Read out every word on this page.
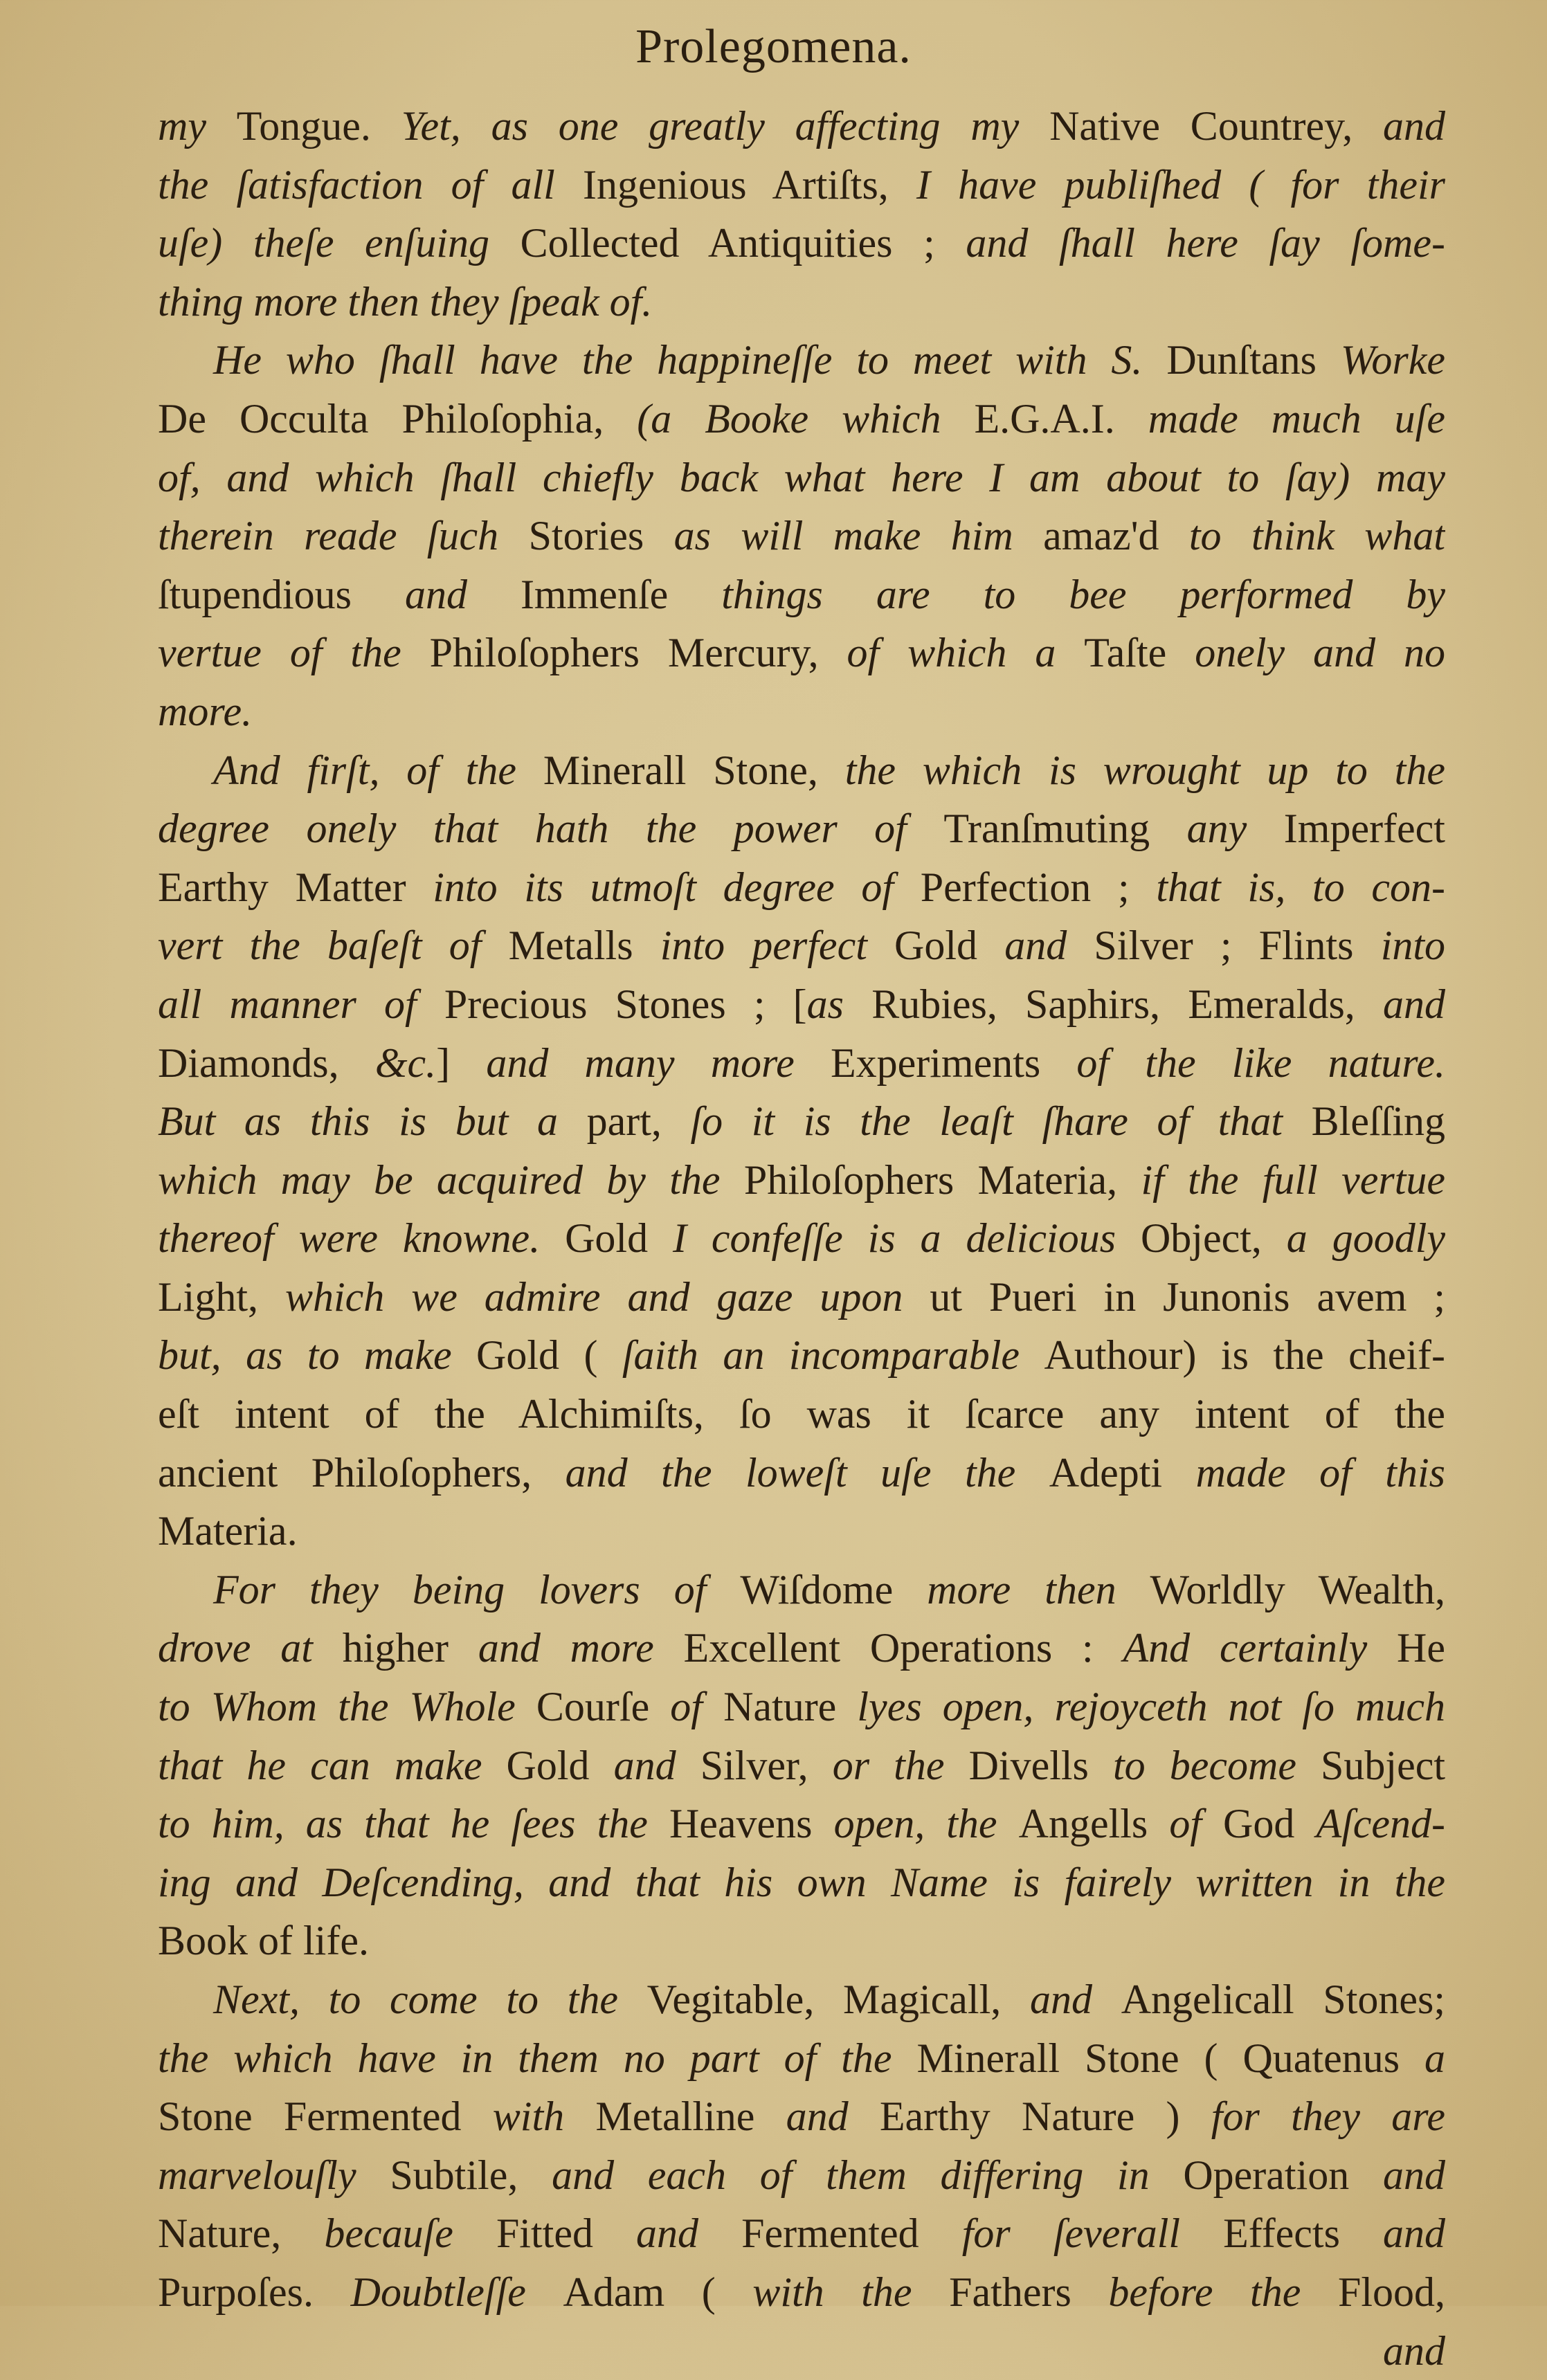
Prolegomena.
my Tongue. Yet, as one greatly affecting my Native Countrey, and
the ſatisfaction of all Ingenious Artiſts, I have publiſhed ( for their
uſe) theſe enſuing Collected Antiquities ; and ſhall here ſay ſome-
thing more then they ſpeak of.
He who ſhall have the happineſſe to meet with S. Dunſtans Worke
De Occulta Philoſophia, (a Booke which E.G.A.I. made much uſe
of, and which ſhall chiefly back what here I am about to ſay) may
therein reade ſuch Stories as will make him amaz'd to think what
ſtupendious and Immenſe things are to bee performed by
vertue of the Philoſophers Mercury, of which a Taſte onely and no
more.
And firſt, of the Minerall Stone, the which is wrought up to the
degree onely that hath the power of Tranſmuting any Imperfect
Earthy Matter into its utmoſt degree of Perfection ; that is, to con-
vert the baſeſt of Metalls into perfect Gold and Silver ; Flints into
all manner of Precious Stones ; [as Rubies, Saphirs, Emeralds, and
Diamonds, &c.] and many more Experiments of the like nature.
But as this is but a part, ſo it is the leaſt ſhare of that Bleſſing
which may be acquired by the Philoſophers Materia, if the full vertue
thereof were knowne. Gold I confeſſe is a delicious Object, a goodly
Light, which we admire and gaze upon ut Pueri in Junonis avem ;
but, as to make Gold ( ſaith an incomparable Authour) is the cheif-
eſt intent of the Alchimiſts, ſo was it ſcarce any intent of the
ancient Philoſophers, and the loweſt uſe the Adepti made of this
Materia.
For they being lovers of Wiſdome more then Worldly Wealth,
drove at higher and more Excellent Operations : And certainly He
to Whom the Whole Courſe of Nature lyes open, rejoyceth not ſo much
that he can make Gold and Silver, or the Divells to become Subject
to him, as that he ſees the Heavens open, the Angells of God Aſcend-
ing and Deſcending, and that his own Name is fairely written in the
Book of life.
Next, to come to the Vegitable, Magicall, and Angelicall Stones;
the which have in them no part of the Minerall Stone ( Quatenus a
Stone Fermented with Metalline and Earthy Nature ) for they are
marvelouſly Subtile, and each of them differing in Operation and
Nature, becauſe Fitted and Fermented for ſeverall Effects and
Purpoſes. Doubtleſſe Adam ( with the Fathers before the Flood,
and
